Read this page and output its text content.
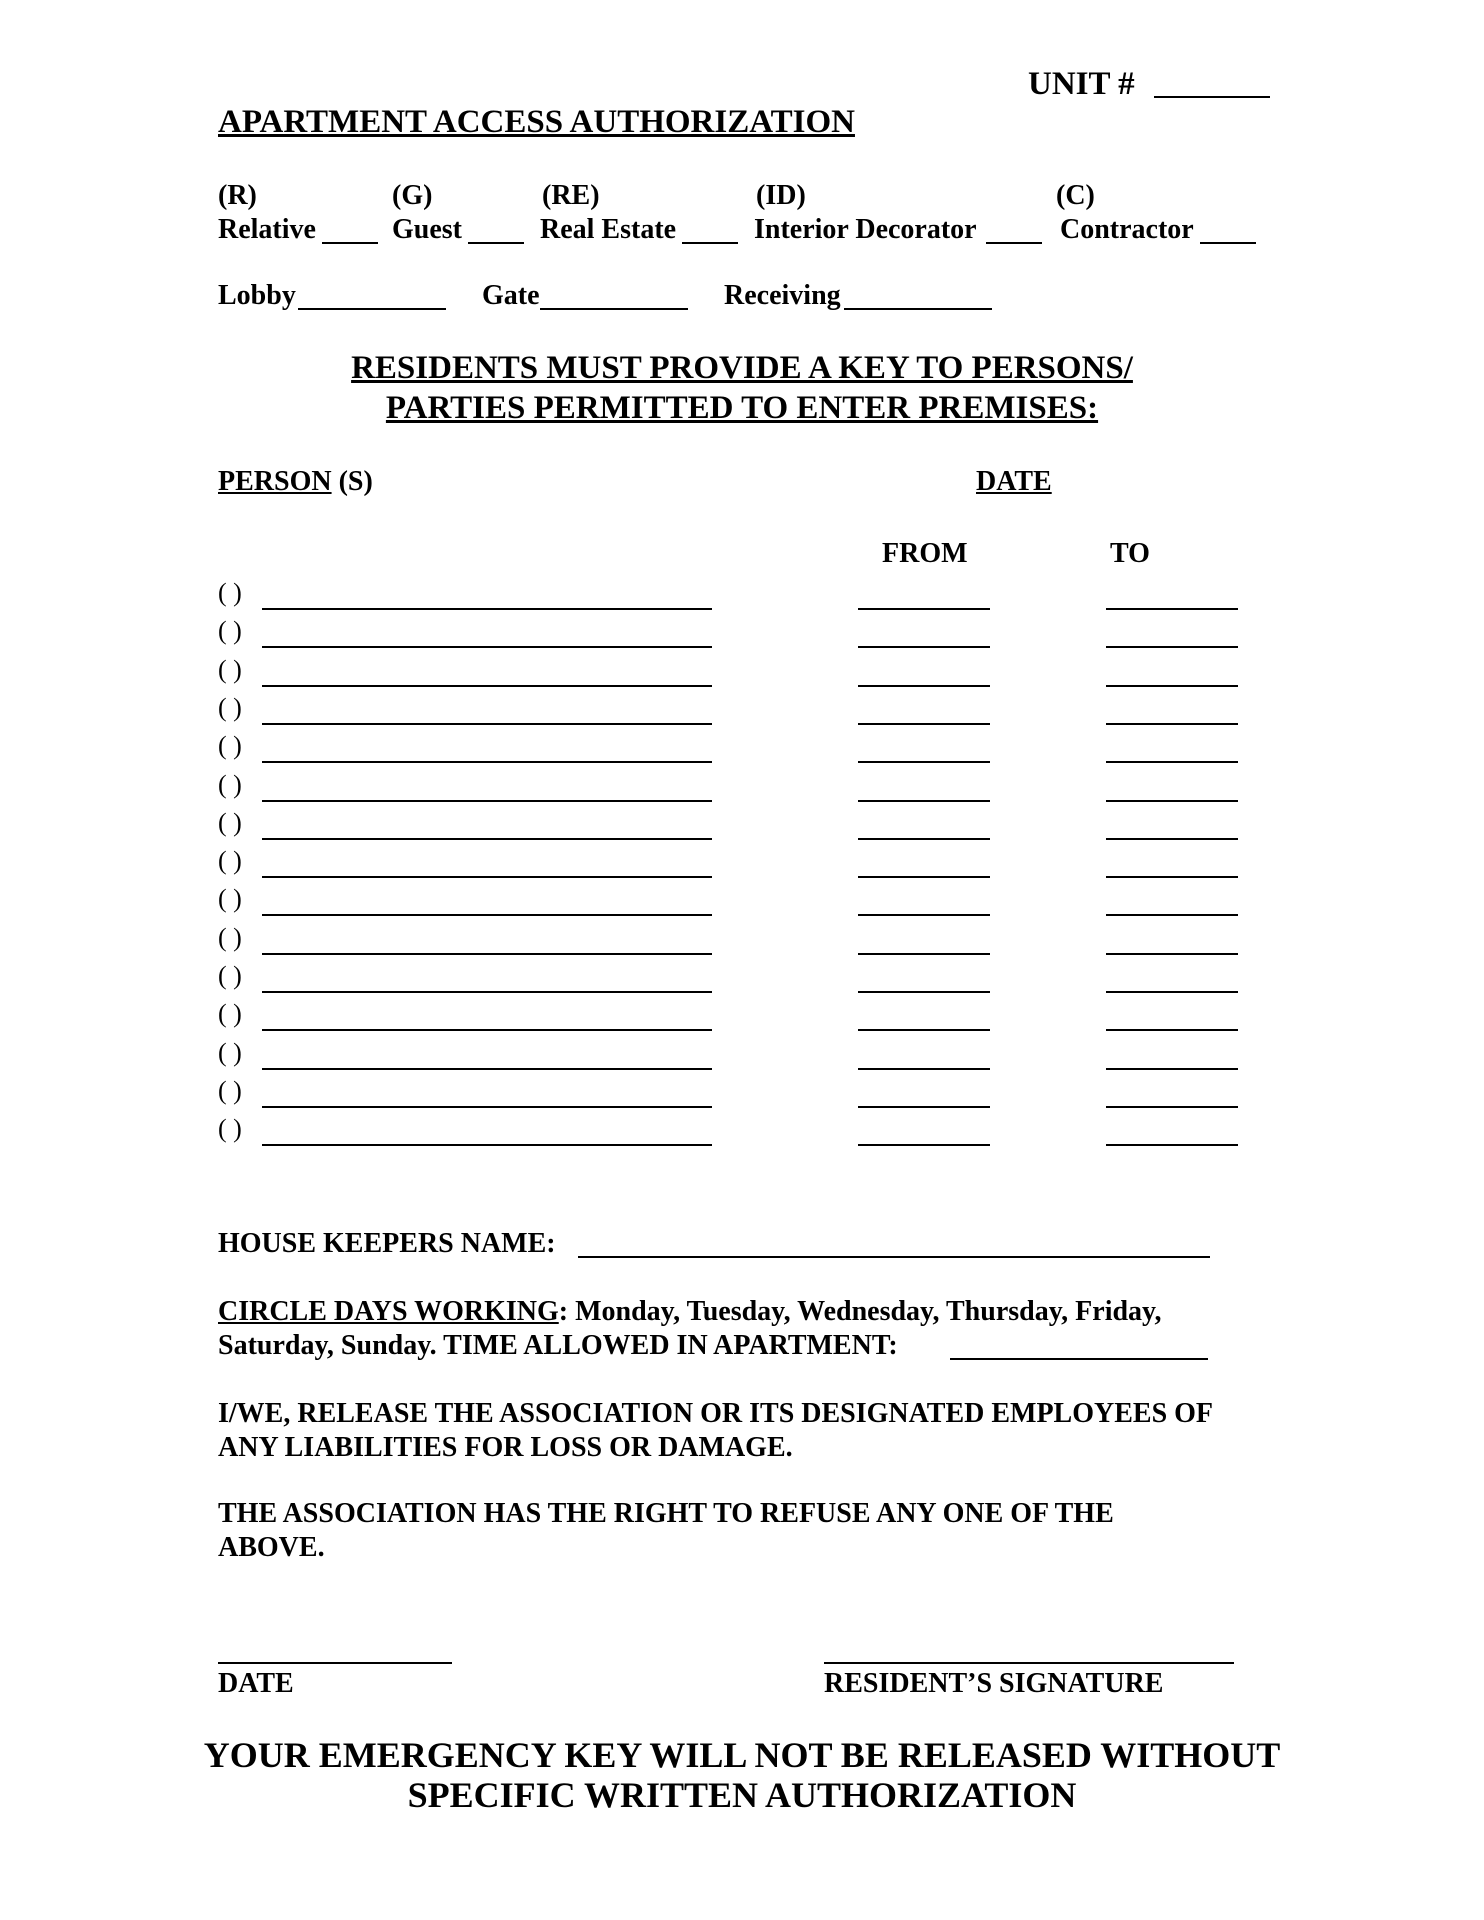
UNIT #
APARTMENT ACCESS AUTHORIZATION
(R)	(G)	(RE)	(ID)	(C)
Relative	Guest	Real Estate	Interior Decorator	Contractor
Lobby	Gate	Receiving
RESIDENTS MUST PROVIDE A KEY TO PERSONS/
PARTIES PERMITTED TO ENTER PREMISES:
PERSON (S)	DATE
FROM	TO
( )
( )
( )
( )
( )
( )
( )
( )
( )
( )
( )
( )
( )
( )
( )
HOUSE KEEPERS NAME:
CIRCLE DAYS WORKING: Monday, Tuesday, Wednesday, Thursday, Friday,
Saturday, Sunday. TIME ALLOWED IN APARTMENT:
I/WE, RELEASE THE ASSOCIATION OR ITS DESIGNATED EMPLOYEES OF
ANY LIABILITIES FOR LOSS OR DAMAGE.
THE ASSOCIATION HAS THE RIGHT TO REFUSE ANY ONE OF THE
ABOVE.
DATE	RESIDENT’S SIGNATURE
YOUR EMERGENCY KEY WILL NOT BE RELEASED WITHOUT
SPECIFIC WRITTEN AUTHORIZATION
